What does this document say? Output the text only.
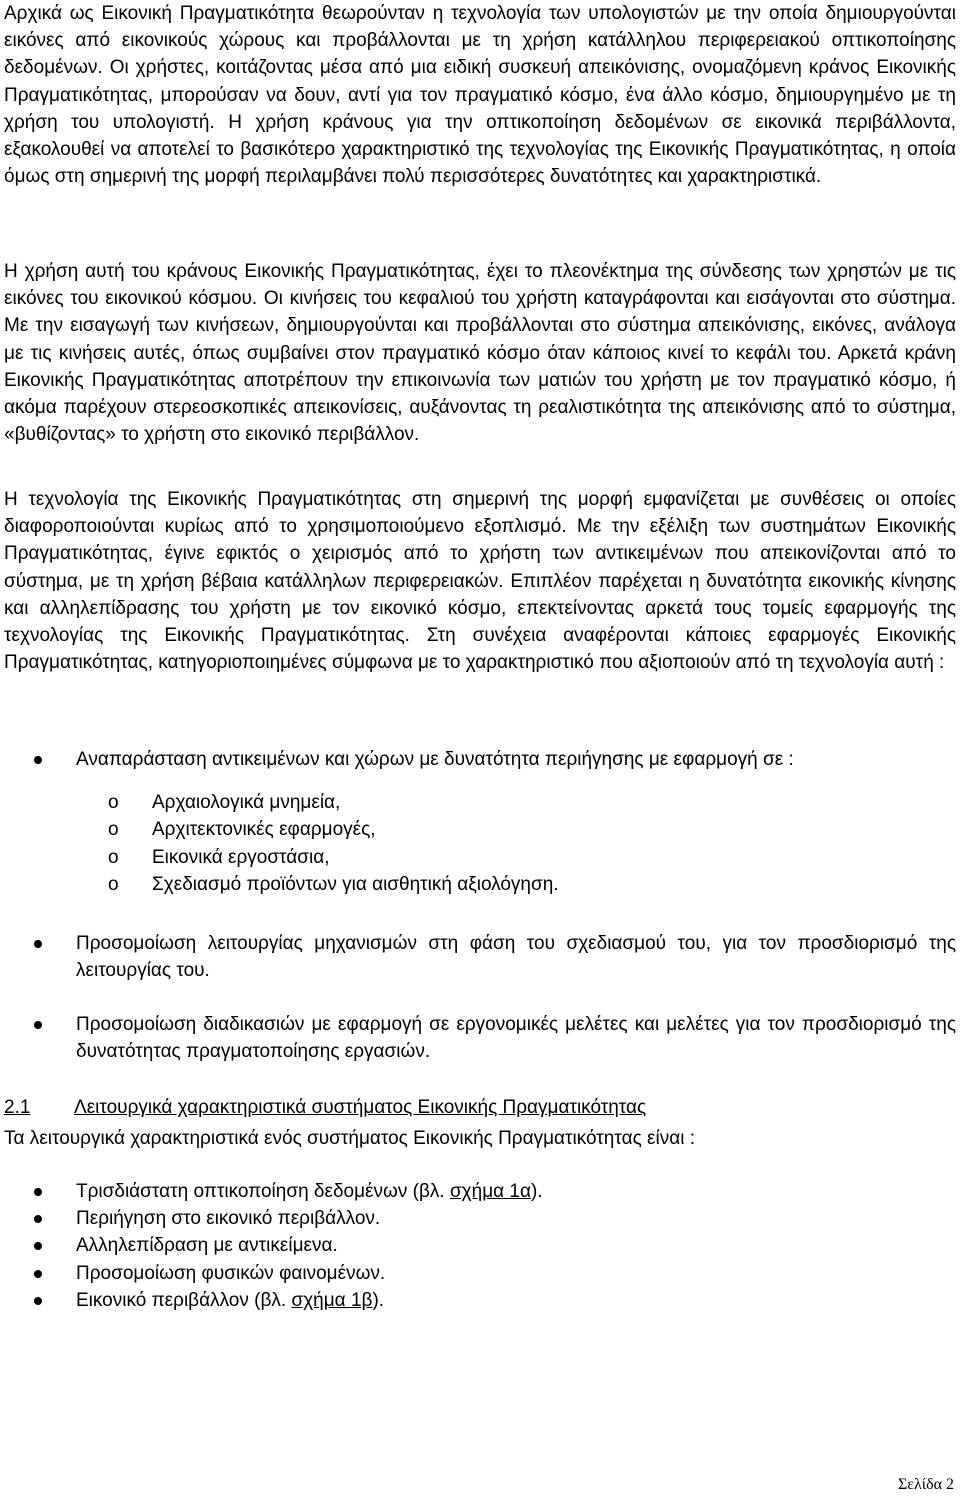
Αρχικά ως Εικονική Πραγματικότητα θεωρούνταν η τεχνολογία των υπολογιστών με την οποία δημιουργούνται εικόνες από εικονικούς χώρους και προβάλλονται με τη χρήση κατάλληλου περιφερειακού οπτικοποίησης δεδομένων. Οι χρήστες, κοιτάζοντας μέσα από μια ειδική συσκευή απεικόνισης, ονομαζόμενη κράνος Εικονικής Πραγματικότητας, μπορούσαν να δουν, αντί για τον πραγματικό κόσμο, ένα άλλο κόσμο, δημιουργημένο με τη χρήση του υπολογιστή. Η χρήση κράνους για την οπτικοποίηση δεδομένων σε εικονικά περιβάλλοντα, εξακολουθεί να αποτελεί το βασικότερο χαρακτηριστικό της τεχνολογίας της Εικονικής Πραγματικότητας, η οποία όμως στη σημερινή της μορφή περιλαμβάνει πολύ περισσότερες δυνατότητες και χαρακτηριστικά.

Η χρήση αυτή του κράνους Εικονικής Πραγματικότητας, έχει το πλεονέκτημα της σύνδεσης των χρηστών με τις εικόνες του εικονικού κόσμου. Οι κινήσεις του κεφαλιού του χρήστη καταγράφονται και εισάγονται στο σύστημα. Με την εισαγωγή των κινήσεων, δημιουργούνται και προβάλλονται στο σύστημα απεικόνισης, εικόνες, ανάλογα με τις κινήσεις αυτές, όπως συμβαίνει στον πραγματικό κόσμο όταν κάποιος κινεί το κεφάλι του. Αρκετά κράνη Εικονικής Πραγματικότητας αποτρέπουν την επικοινωνία των ματιών του χρήστη με τον πραγματικό κόσμο, ή ακόμα παρέχουν στερεοσκοπικές απεικονίσεις, αυξάνοντας τη ρεαλιστικότητα της απεικόνισης από το σύστημα, «βυθίζοντας» το χρήστη στο εικονικό περιβάλλον.

Η τεχνολογία της Εικονικής Πραγματικότητας στη σημερινή της μορφή εμφανίζεται με συνθέσεις οι οποίες διαφοροποιούνται κυρίως από το χρησιμοποιούμενο εξοπλισμό. Με την εξέλιξη των συστημάτων Εικονικής Πραγματικότητας, έγινε εφικτός ο χειρισμός από το χρήστη των αντικειμένων που απεικονίζονται από το σύστημα, με τη χρήση βέβαια κατάλληλων περιφερειακών. Επιπλέον παρέχεται η δυνατότητα εικονικής κίνησης και αλληλεπίδρασης του χρήστη με τον εικονικό κόσμο, επεκτείνοντας αρκετά τους τομείς εφαρμογής της τεχνολογίας της Εικονικής Πραγματικότητας. Στη συνέχεια αναφέρονται κάποιες εφαρμογές Εικονικής Πραγματικότητας, κατηγοριοποιημένες σύμφωνα με το χαρακτηριστικό που αξιοποιούν από τη τεχνολογία αυτή :

Αναπαράσταση αντικειμένων και χώρων με δυνατότητα περιήγησης με εφαρμογή σε :
o Αρχαιολογικά μνημεία,
o Αρχιτεκτονικές εφαρμογές,
o Εικονικά εργοστάσια,
o Σχεδιασμό προϊόντων για αισθητική αξιολόγηση.
Προσομοίωση λειτουργίας μηχανισμών στη φάση του σχεδιασμού του, για τον προσδιορισμό της λειτουργίας του.
Προσομοίωση διαδικασιών με εφαρμογή σε εργονομικές μελέτες και μελέτες για τον προσδιορισμό της δυνατότητας πραγματοποίησης εργασιών.

2.1 Λειτουργικά χαρακτηριστικά συστήματος Εικονικής Πραγματικότητας

Τα λειτουργικά χαρακτηριστικά ενός συστήματος Εικονικής Πραγματικότητας είναι :

Τρισδιάστατη οπτικοποίηση δεδομένων (βλ. σχήμα 1α).
Περιήγηση στο εικονικό περιβάλλον.
Αλληλεπίδραση με αντικείμενα.
Προσομοίωση φυσικών φαινομένων.
Εικονικό περιβάλλον (βλ. σχήμα 1β).
Σελίδα 2
